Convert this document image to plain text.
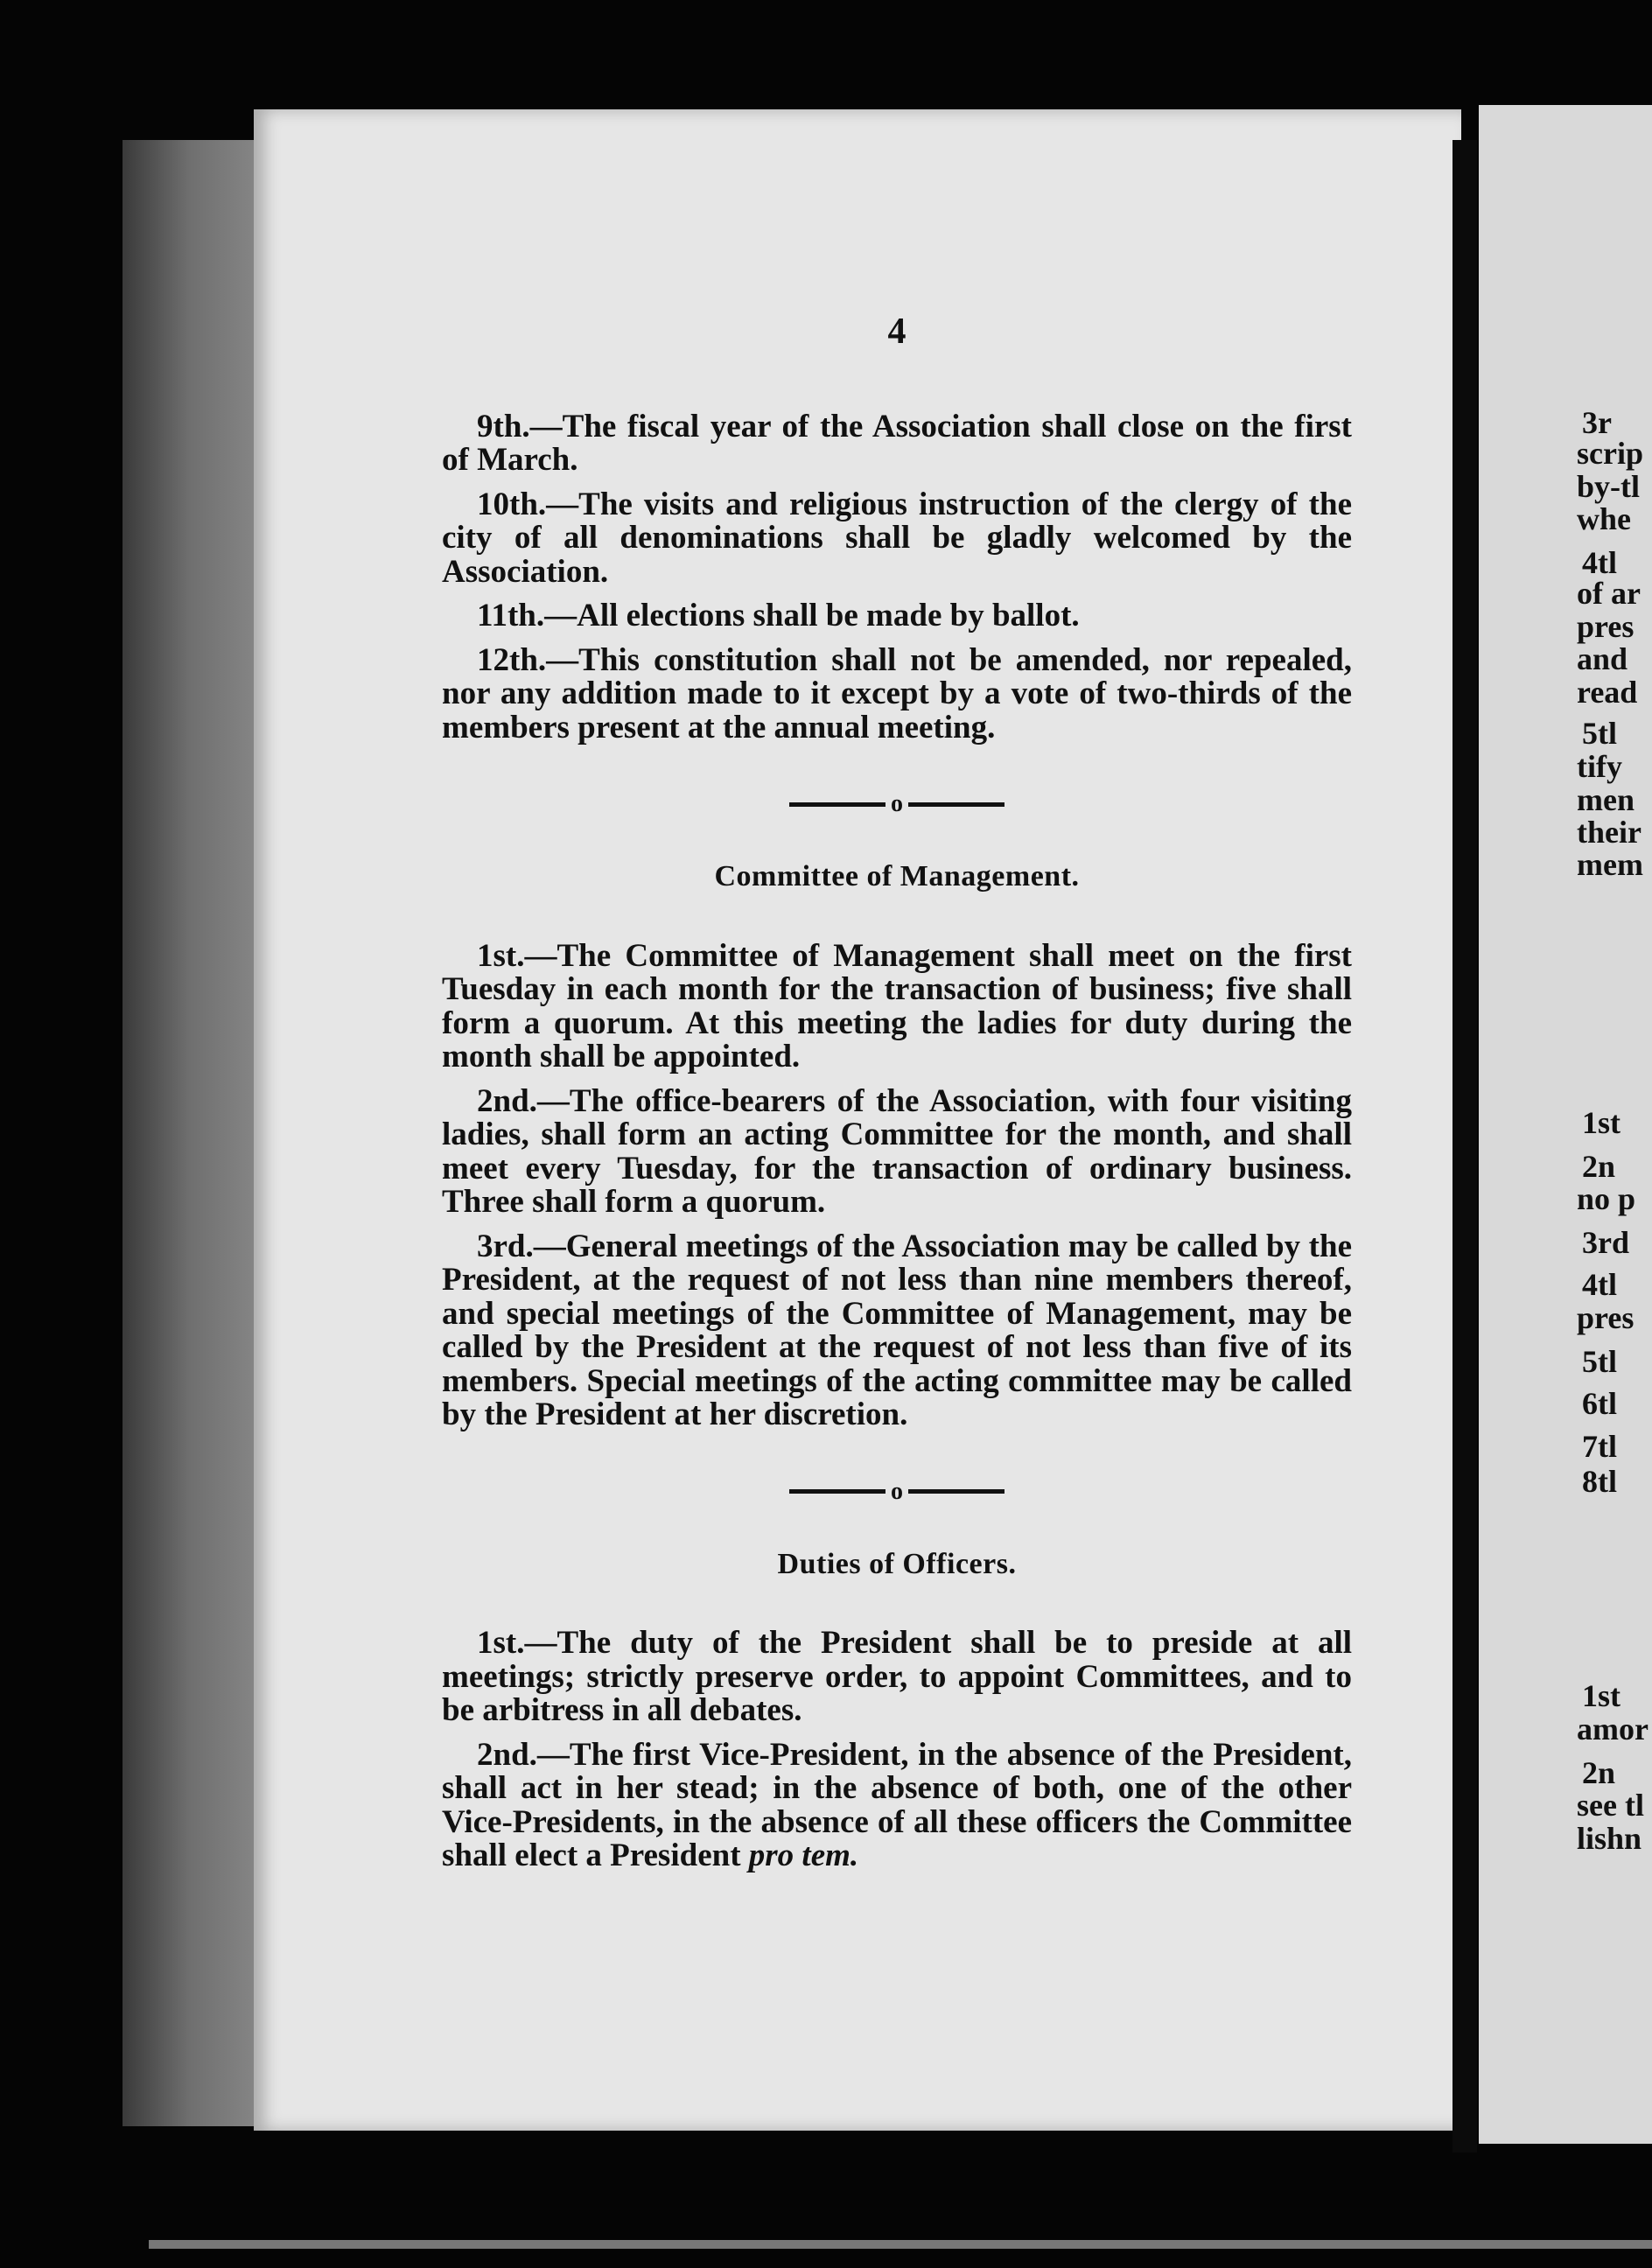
3r
scrip
by-tl
whe
4tl
of ar
pres
and
read
5tl
tify
men
their
mem
1st
2n
no p
3rd
4tl
pres
5tl
6tl
7tl
8tl
1st
amor
2n
see tl
lishn
4

9th.—The fiscal year of the Association shall close on the first of March.

10th.—The visits and religious instruction of the clergy of the city of all denominations shall be gladly welcomed by the Association.

11th.—All elections shall be made by ballot.

12th.—This constitution shall not be amended, nor repealed, nor any addition made to it except by a vote of two-thirds of the members present at the annual meeting.

o
Committee of Management.

1st.—The Committee of Management shall meet on the first Tuesday in each month for the transaction of business; five shall form a quorum. At this meeting the ladies for duty during the month shall be appointed.

2nd.—The office-bearers of the Association, with four visiting ladies, shall form an acting Committee for the month, and shall meet every Tuesday, for the transaction of ordinary business. Three shall form a quorum.

3rd.—General meetings of the Association may be called by the President, at the request of not less than nine members thereof, and special meetings of the Committee of Management, may be called by the President at the request of not less than five of its members. Special meetings of the acting committee may be called by the President at her discretion.

o
Duties of Officers.

1st.—The duty of the President shall be to preside at all meetings; strictly preserve order, to appoint Committees, and to be arbitress in all debates.

2nd.—The first Vice-President, in the absence of the President, shall act in her stead; in the absence of both, one of the other Vice-Presidents, in the absence of all these officers the Committee shall elect a President pro tem.
